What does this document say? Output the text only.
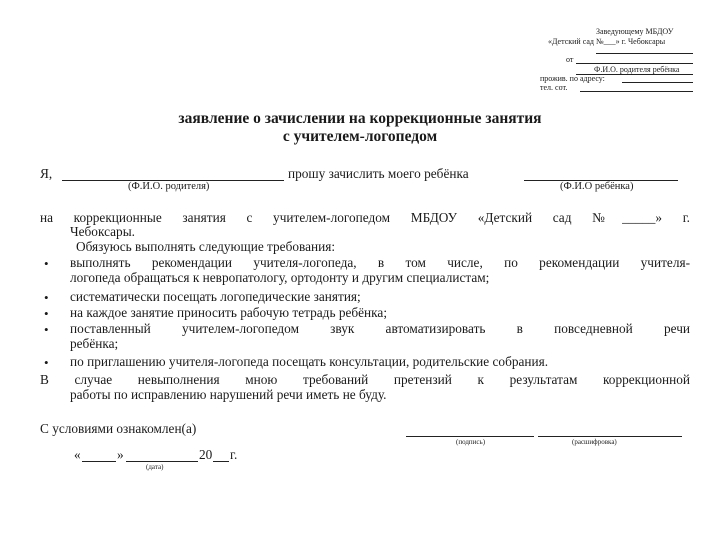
Заведующему МБДОУ
«Детский сад №___» г. Чебоксары
от
Ф.И.О. родителя ребёнка
прожив. по адресу:
тел. сот.
заявление о зачислении на коррекционные занятия
с учителем-логопедом
Я,	прошу зачислить моего ребёнка
(Ф.И.О. родителя)	(Ф.И.О ребёнка)
на коррекционные занятия с учителем-логопедом МБДОУ «Детский сад №_____» г.
Чебоксары.
Обязуюсь выполнять следующие требования:
• выполнять рекомендации учителя-логопеда, в том числе, по рекомендации учителя-
логопеда обращаться к невропатологу, ортодонту и другим специалистам;
• систематически посещать логопедические занятия;
• на каждое занятие приносить рабочую тетрадь ребёнка;
• поставленный учителем-логопедом звук автоматизировать в повседневной речи
ребёнка;
• по приглашению учителя-логопеда посещать консультации, родительские собрания.
В случае невыполнения мною требований претензий к результатам коррекционной
работы по исправлению нарушений речи иметь не буду.
С условиями ознакомлен(а)
(подпись)	(расшифровка)
«	»	20 г.
(дата)
